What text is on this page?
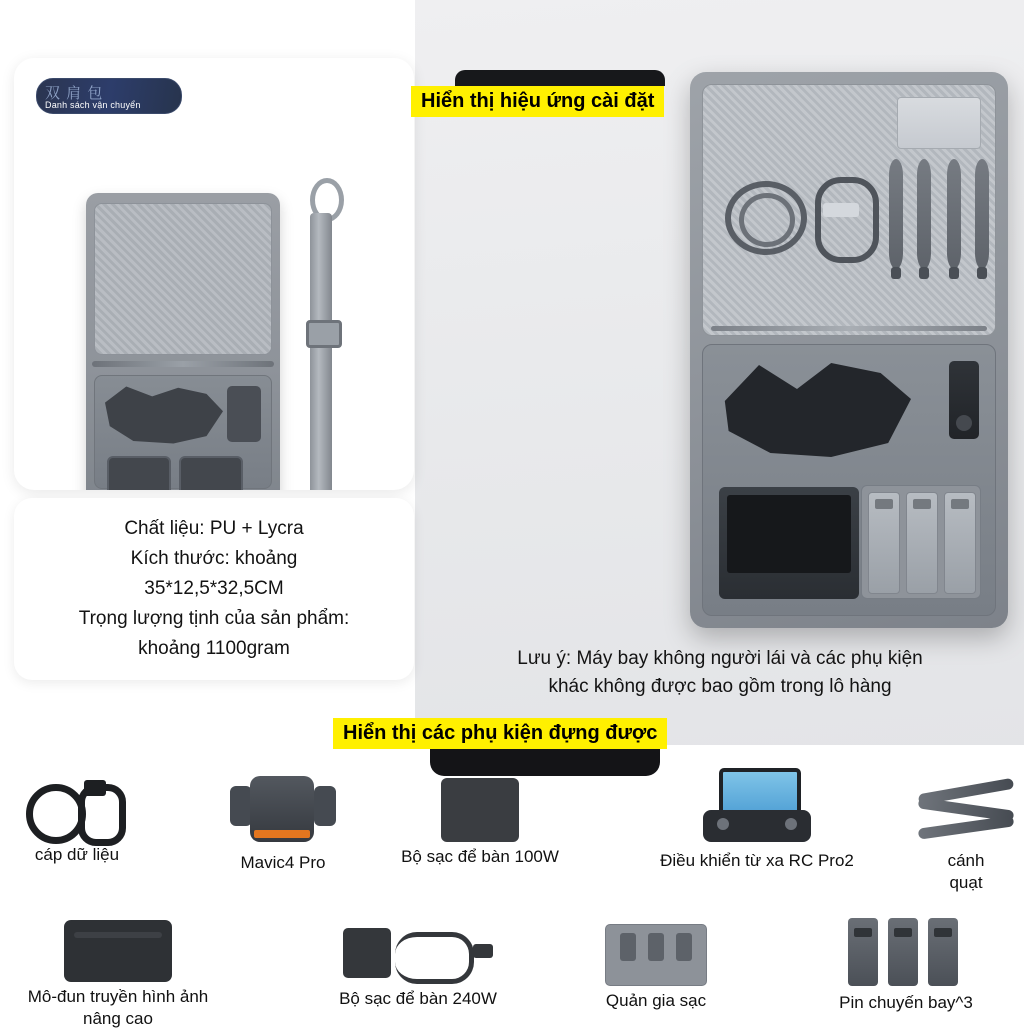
双 肩 包
Danh sách vận chuyển
Chất liệu: PU + Lycra
Kích thước: khoảng
35*12,5*32,5CM
Trọng lượng tịnh của sản phẩm:
khoảng 1100gram
Hiển thị hiệu ứng cài đặt
Hiển thị các phụ kiện đựng được
Lưu ý: Máy bay không người lái và các phụ kiện
khác không được bao gồm trong lô hàng
cáp dữ liệu	Mavic4 Pro	Bộ sạc để bàn 100W	Điều khiển từ xa RC Pro2	cánh
quạt
Mô-đun truyền hình ảnh
nâng cao
Bộ sạc để bàn 240W	Quản gia sạc	Pin chuyến bay^3
